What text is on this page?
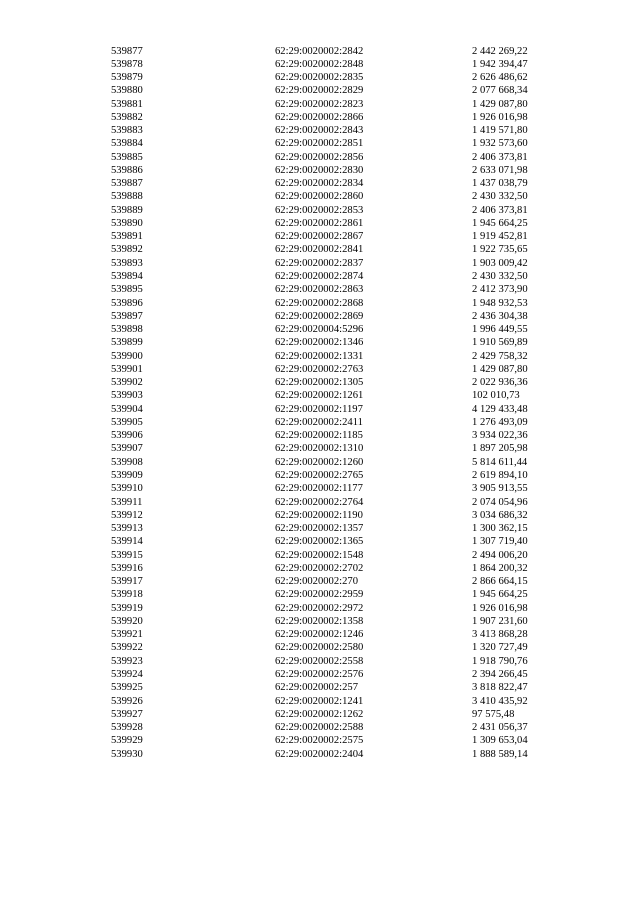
539877	62:29:0020002:2842	2 442 269,22
539878	62:29:0020002:2848	1 942 394,47
539879	62:29:0020002:2835	2 626 486,62
539880	62:29:0020002:2829	2 077 668,34
539881	62:29:0020002:2823	1 429 087,80
539882	62:29:0020002:2866	1 926 016,98
539883	62:29:0020002:2843	1 419 571,80
539884	62:29:0020002:2851	1 932 573,60
539885	62:29:0020002:2856	2 406 373,81
539886	62:29:0020002:2830	2 633 071,98
539887	62:29:0020002:2834	1 437 038,79
539888	62:29:0020002:2860	2 430 332,50
539889	62:29:0020002:2853	2 406 373,81
539890	62:29:0020002:2861	1 945 664,25
539891	62:29:0020002:2867	1 919 452,81
539892	62:29:0020002:2841	1 922 735,65
539893	62:29:0020002:2837	1 903 009,42
539894	62:29:0020002:2874	2 430 332,50
539895	62:29:0020002:2863	2 412 373,90
539896	62:29:0020002:2868	1 948 932,53
539897	62:29:0020002:2869	2 436 304,38
539898	62:29:0020004:5296	1 996 449,55
539899	62:29:0020002:1346	1 910 569,89
539900	62:29:0020002:1331	2 429 758,32
539901	62:29:0020002:2763	1 429 087,80
539902	62:29:0020002:1305	2 022 936,36
539903	62:29:0020002:1261	102 010,73
539904	62:29:0020002:1197	4 129 433,48
539905	62:29:0020002:2411	1 276 493,09
539906	62:29:0020002:1185	3 934 022,36
539907	62:29:0020002:1310	1 897 205,98
539908	62:29:0020002:1260	5 814 611,44
539909	62:29:0020002:2765	2 619 894,10
539910	62:29:0020002:1177	3 905 913,55
539911	62:29:0020002:2764	2 074 054,96
539912	62:29:0020002:1190	3 034 686,32
539913	62:29:0020002:1357	1 300 362,15
539914	62:29:0020002:1365	1 307 719,40
539915	62:29:0020002:1548	2 494 006,20
539916	62:29:0020002:2702	1 864 200,32
539917	62:29:0020002:270	2 866 664,15
539918	62:29:0020002:2959	1 945 664,25
539919	62:29:0020002:2972	1 926 016,98
539920	62:29:0020002:1358	1 907 231,60
539921	62:29:0020002:1246	3 413 868,28
539922	62:29:0020002:2580	1 320 727,49
539923	62:29:0020002:2558	1 918 790,76
539924	62:29:0020002:2576	2 394 266,45
539925	62:29:0020002:257	3 818 822,47
539926	62:29:0020002:1241	3 410 435,92
539927	62:29:0020002:1262	97 575,48
539928	62:29:0020002:2588	2 431 056,37
539929	62:29:0020002:2575	1 309 653,04
539930	62:29:0020002:2404	1 888 589,14
